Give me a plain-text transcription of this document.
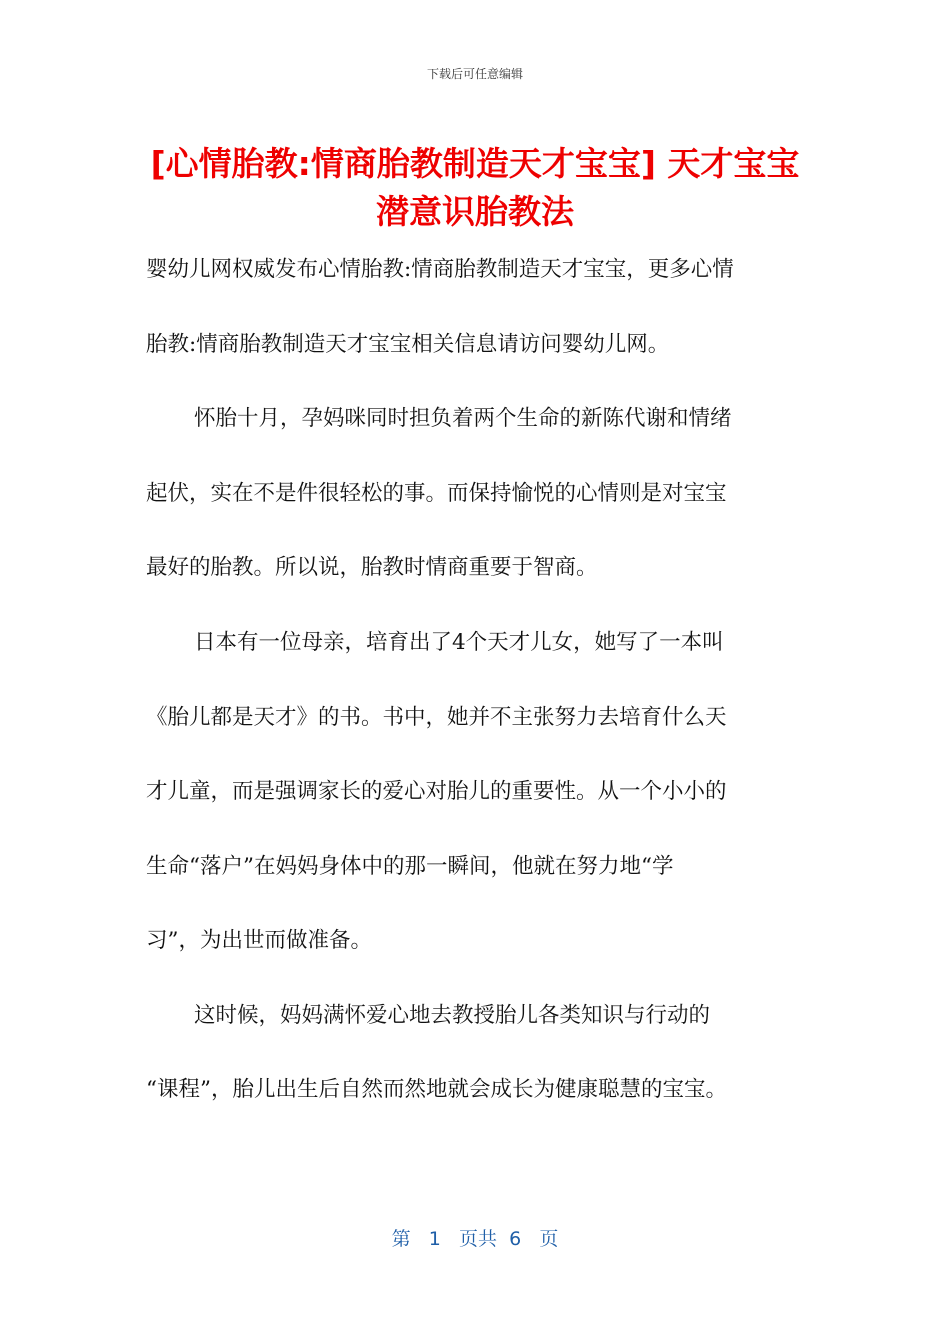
下载后可任意编辑
[心情胎教:情商胎教制造天才宝宝] 天才宝宝
潜意识胎教法
婴幼儿网权威发布心情胎教:情商胎教制造天才宝宝，更多心情
胎教:情商胎教制造天才宝宝相关信息请访问婴幼儿网。
怀胎十月，孕妈咪同时担负着两个生命的新陈代谢和情绪
起伏，实在不是件很轻松的事。而保持愉悦的心情则是对宝宝
最好的胎教。所以说，胎教时情商重要于智商。
日本有一位母亲，培育出了4个天才儿女，她写了一本叫
《胎儿都是天才》的书。书中，她并不主张努力去培育什么天
才儿童，而是强调家长的爱心对胎儿的重要性。从一个小小的
生命“落户”在妈妈身体中的那一瞬间，他就在努力地“学
习”，为出世而做准备。
这时候，妈妈满怀爱心地去教授胎儿各类知识与行动的
“课程”，胎儿出生后自然而然地就会成长为健康聪慧的宝宝。
第 1 页共 6 页
